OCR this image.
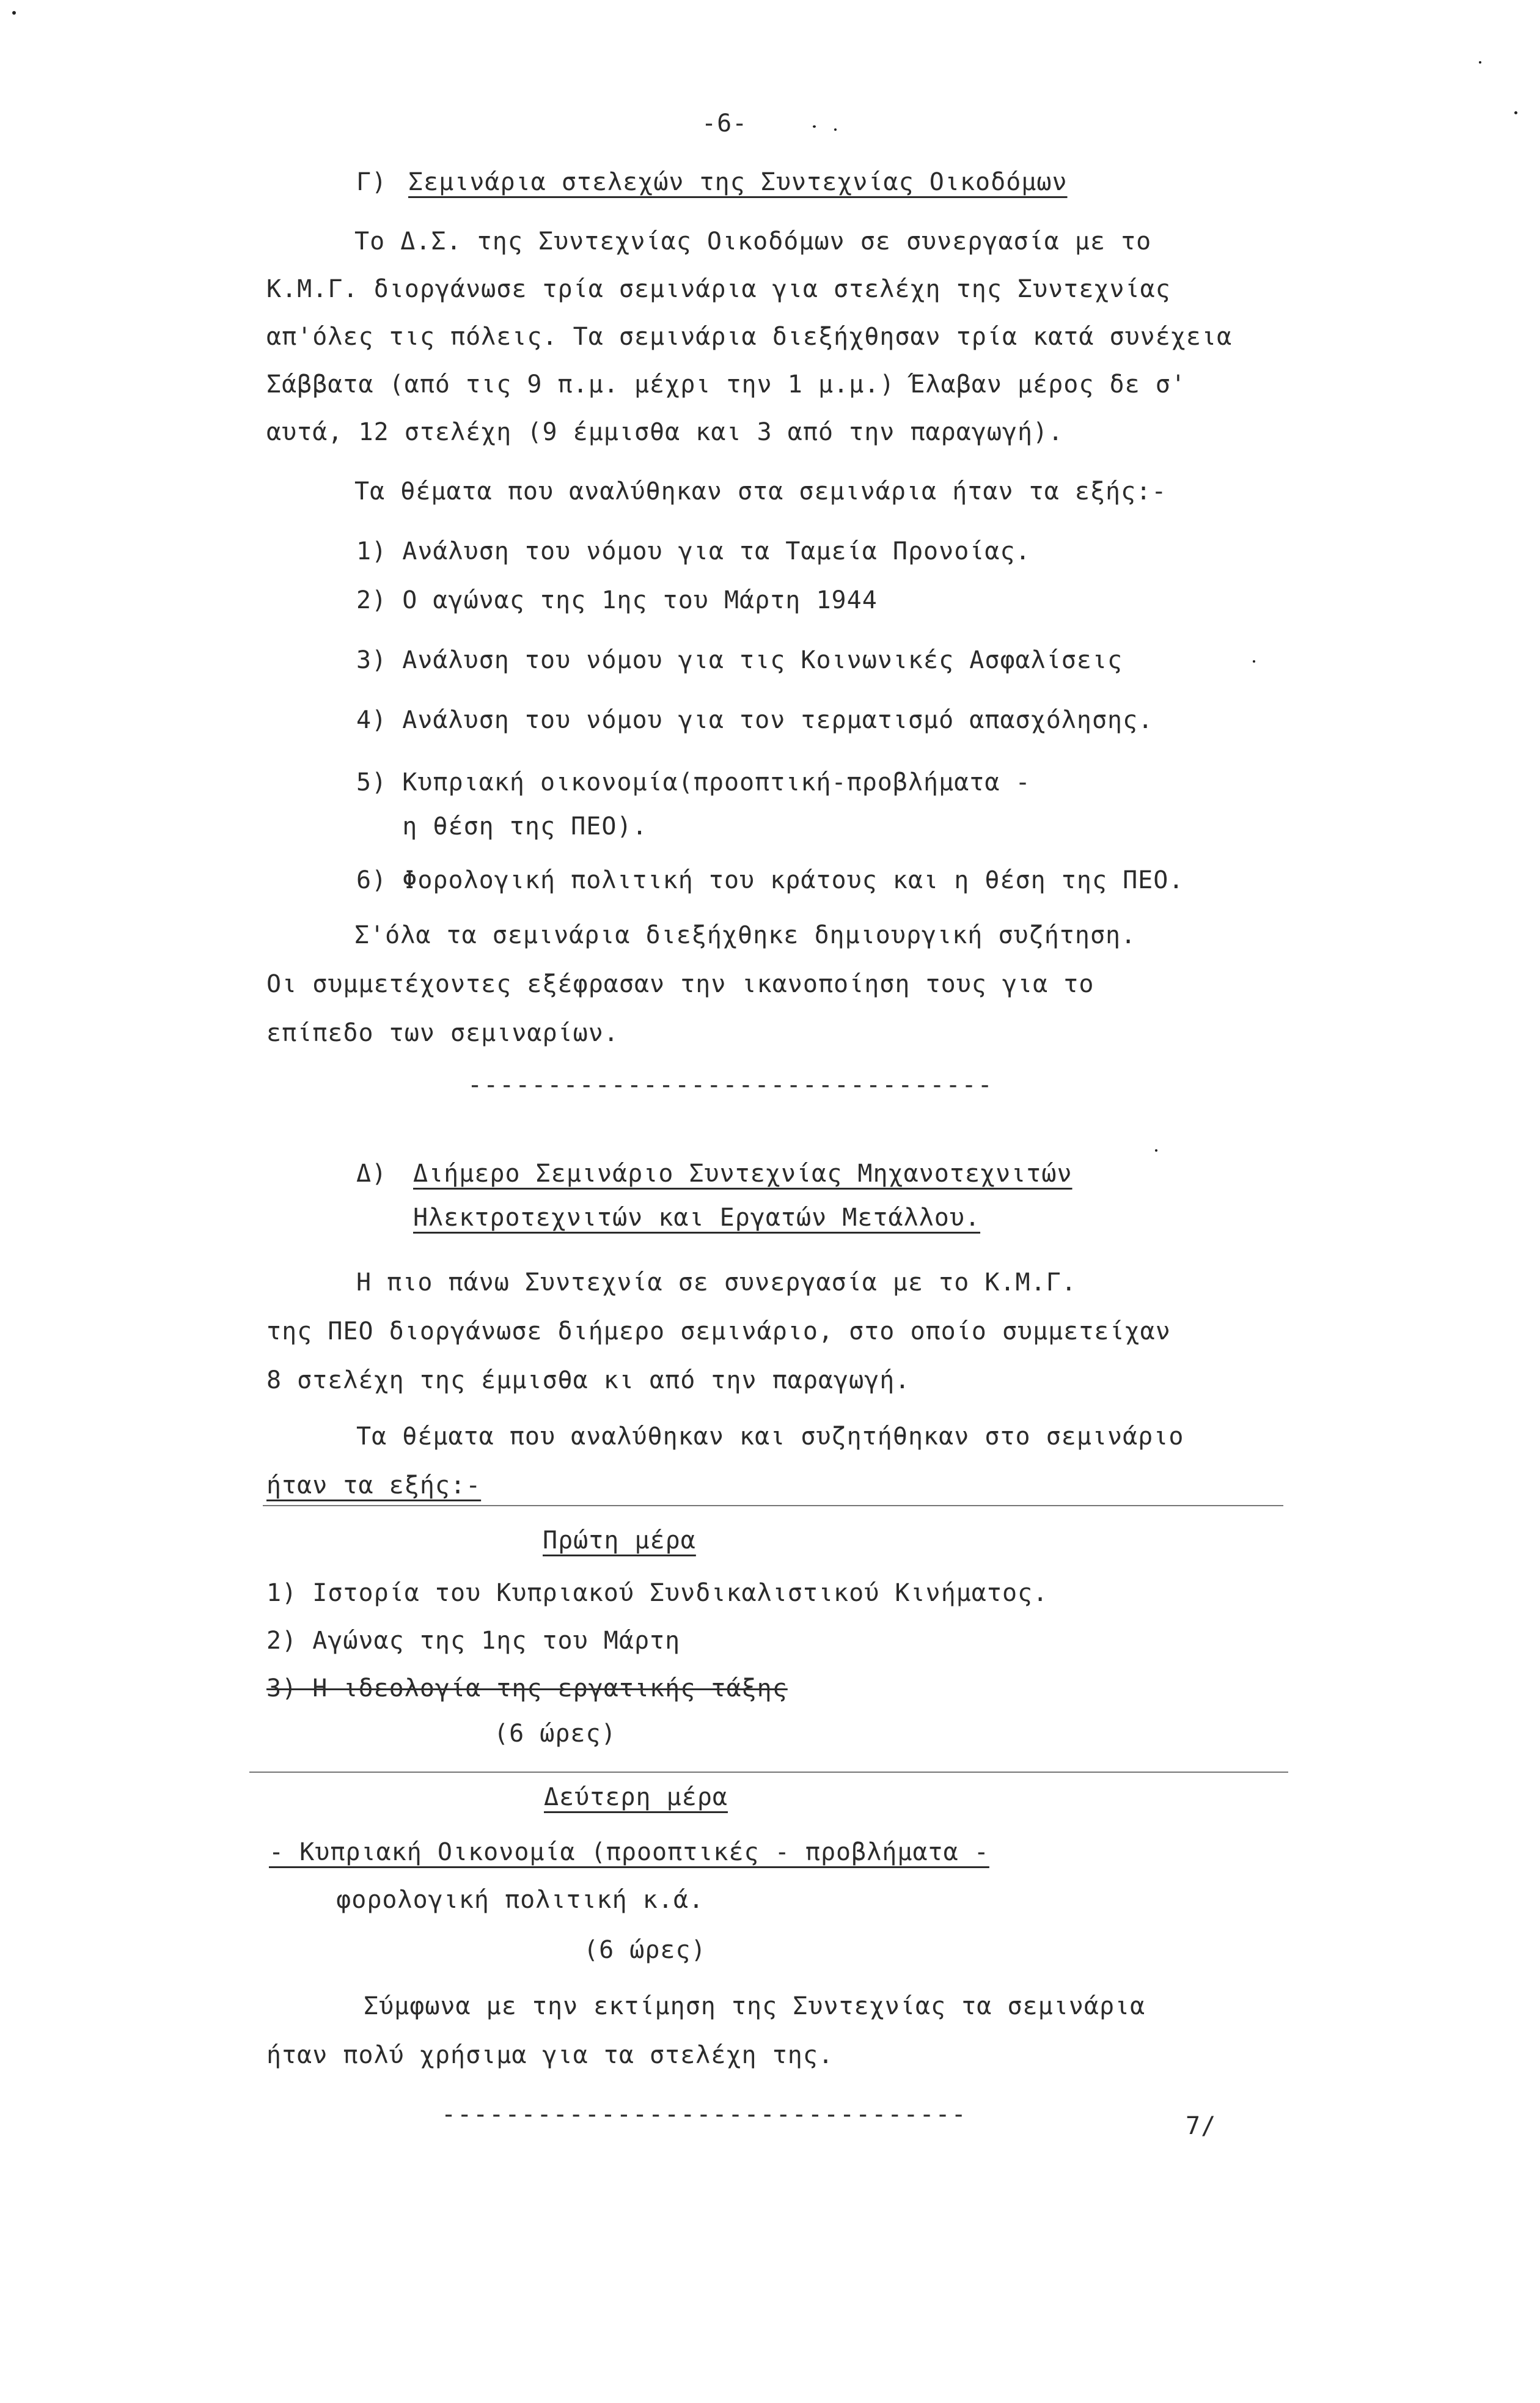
-6-
Γ) Σεμινάρια στελεχών της Συντεχνίας Οικοδόμων
Το Δ.Σ. της Συντεχνίας Οικοδόμων σε συνεργασία με το
Κ.Μ.Γ. διοργάνωσε τρία σεμινάρια για στελέχη της Συντεχνίας
απ'όλες τις πόλεις. Τα σεμινάρια διεξήχθησαν τρία κατά συνέχεια
Σάββατα (από τις 9 π.μ. μέχρι την 1 μ.μ.) Έλαβαν μέρος δε σ'
αυτά, 12 στελέχη (9 έμμισθα και 3 από την παραγωγή).
Τα θέματα που αναλύθηκαν στα σεμινάρια ήταν τα εξής:-
1) Ανάλυση του νόμου για τα Ταμεία Προνοίας.
2) Ο αγώνας της 1ης του Μάρτη 1944
3) Ανάλυση του νόμου για τις Κοινωνικές Ασφαλίσεις
4) Ανάλυση του νόμου για τον τερματισμό απασχόλησης.
5) Κυπριακή οικονομία(προοπτική-προβλήματα -
η θέση της ΠΕΟ).
6) Φορολογική πολιτική του κράτους και η θέση της ΠΕΟ.
Σ'όλα τα σεμινάρια διεξήχθηκε δημιουργική συζήτηση.
Οι συμμετέχοντες εξέφρασαν την ικανοποίηση τους για το
επίπεδο των σεμιναρίων.
---------------------------------
Δ) Διήμερο Σεμινάριο Συντεχνίας Μηχανοτεχνιτών
Ηλεκτροτεχνιτών και Εργατών Μετάλλου.
Η πιο πάνω Συντεχνία σε συνεργασία με το Κ.Μ.Γ.
της ΠΕΟ διοργάνωσε διήμερο σεμινάριο, στο οποίο συμμετείχαν
8 στελέχη της έμμισθα κι από την παραγωγή.
Τα θέματα που αναλύθηκαν και συζητήθηκαν στο σεμινάριο
ήταν τα εξής:-
Πρώτη μέρα
1) Ιστορία του Κυπριακού Συνδικαλιστικού Κινήματος.
2) Αγώνας της 1ης του Μάρτη
3) Η ιδεολογία της εργατικής τάξης
(6 ώρες)
Δεύτερη μέρα
- Κυπριακή Οικονομία (προοπτικές - προβλήματα -
φορολογική πολιτική κ.ά.
(6 ώρες)
Σύμφωνα με την εκτίμηση της Συντεχνίας τα σεμινάρια
ήταν πολύ χρήσιμα για τα στελέχη της.
---------------------------------	7/
